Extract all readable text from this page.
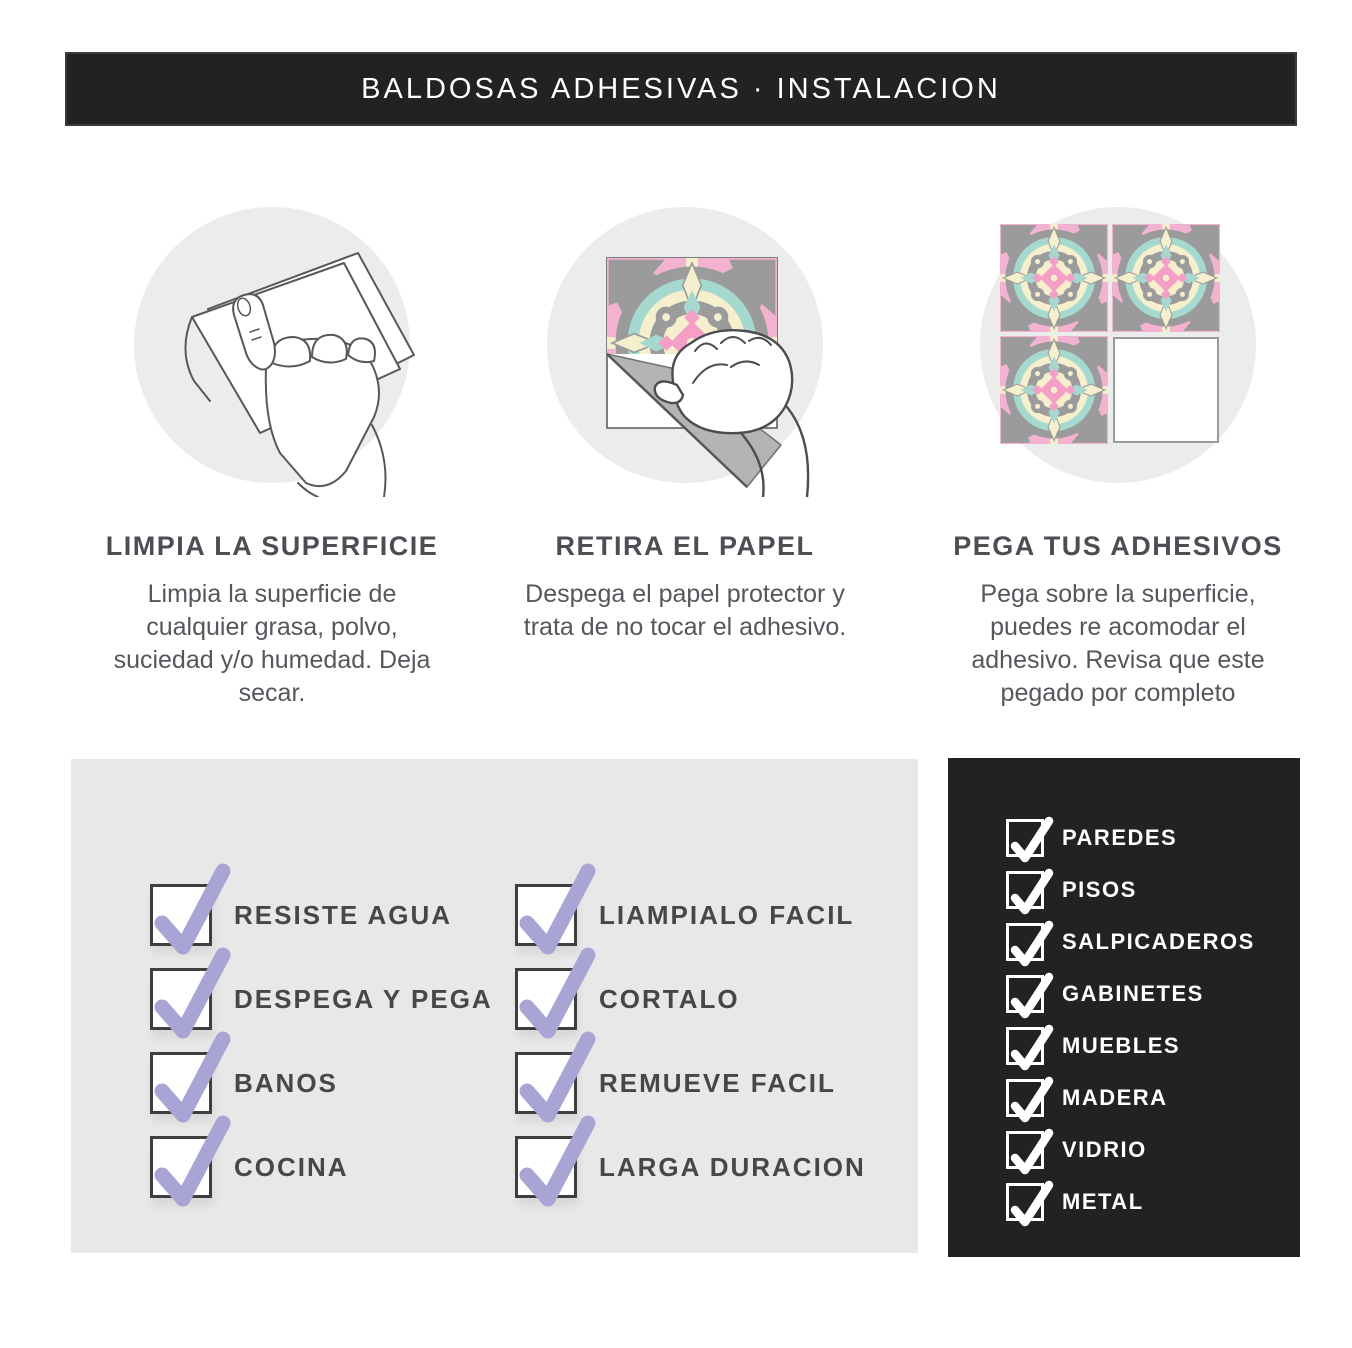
BALDOSAS ADHESIVAS · INSTALACION
LIMPIA LA SUPERFICIE
Limpia la superficie de cualquier grasa, polvo, suciedad y/o humedad. Deja secar.
RETIRA EL PAPEL
Despega el papel protector y trata de no tocar el adhesivo.
PEGA TUS ADHESIVOS
Pega sobre la superficie, puedes re acomodar el adhesivo. Revisa que este pegado por completo
RESISTE AGUA
DESPEGA Y PEGA
BANOS
COCINA
LIAMPIALO FACIL
CORTALO
REMUEVE FACIL
LARGA DURACION
PAREDES
PISOS
SALPICADEROS
GABINETES
MUEBLES
MADERA
VIDRIO
METAL
